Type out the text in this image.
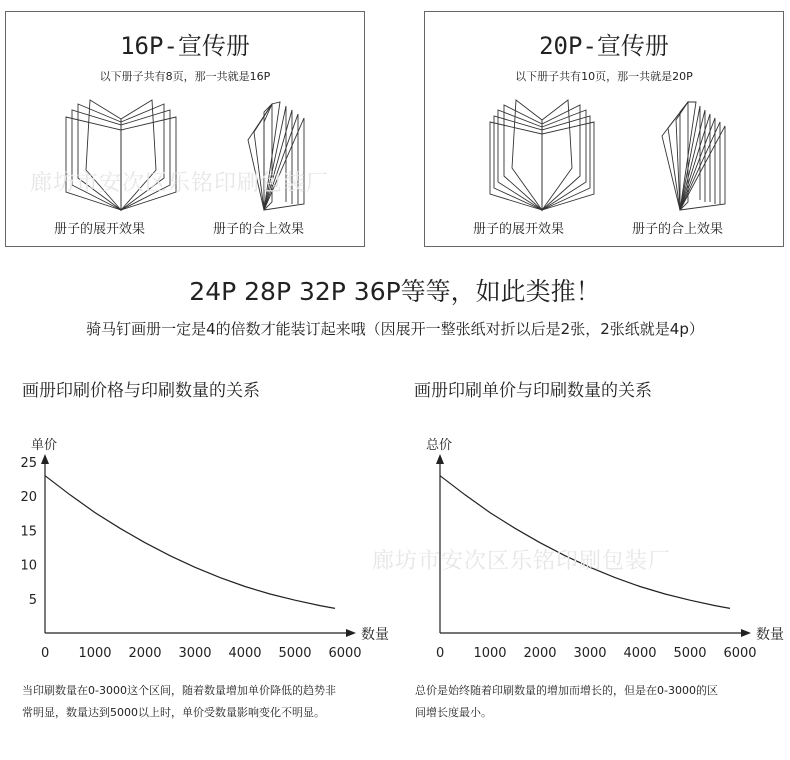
16P-宣传册
以下册子共有8页，那一共就是16P
册子的展开效果	册子的合上效果
20P-宣传册
以下册子共有10页，那一共就是20P
册子的展开效果	册子的合上效果
廊坊市安次区乐铭印刷包装厂
24P 28P 32P 36P等等，如此类推！
骑马钉画册一定是4的倍数才能装订起来哦（因展开一整张纸对折以后是2张，2张纸就是4p）
画册印刷价格与印刷数量的关系	画册印刷单价与印刷数量的关系
单价
数量
5
10
15
20
25
0 1000 2000 3000 4000 5000 6000
总价
数量
0 1000 2000 3000 4000 5000 6000
廊坊市安次区乐铭印刷包装厂
当印刷数量在0-3000这个区间，随着数量增加单价降低的趋势非
常明显，数量达到5000以上时，单价受数量影响变化不明显。
总价是始终随着印刷数量的增加而增长的，但是在0-3000的区
间增长度最小。
